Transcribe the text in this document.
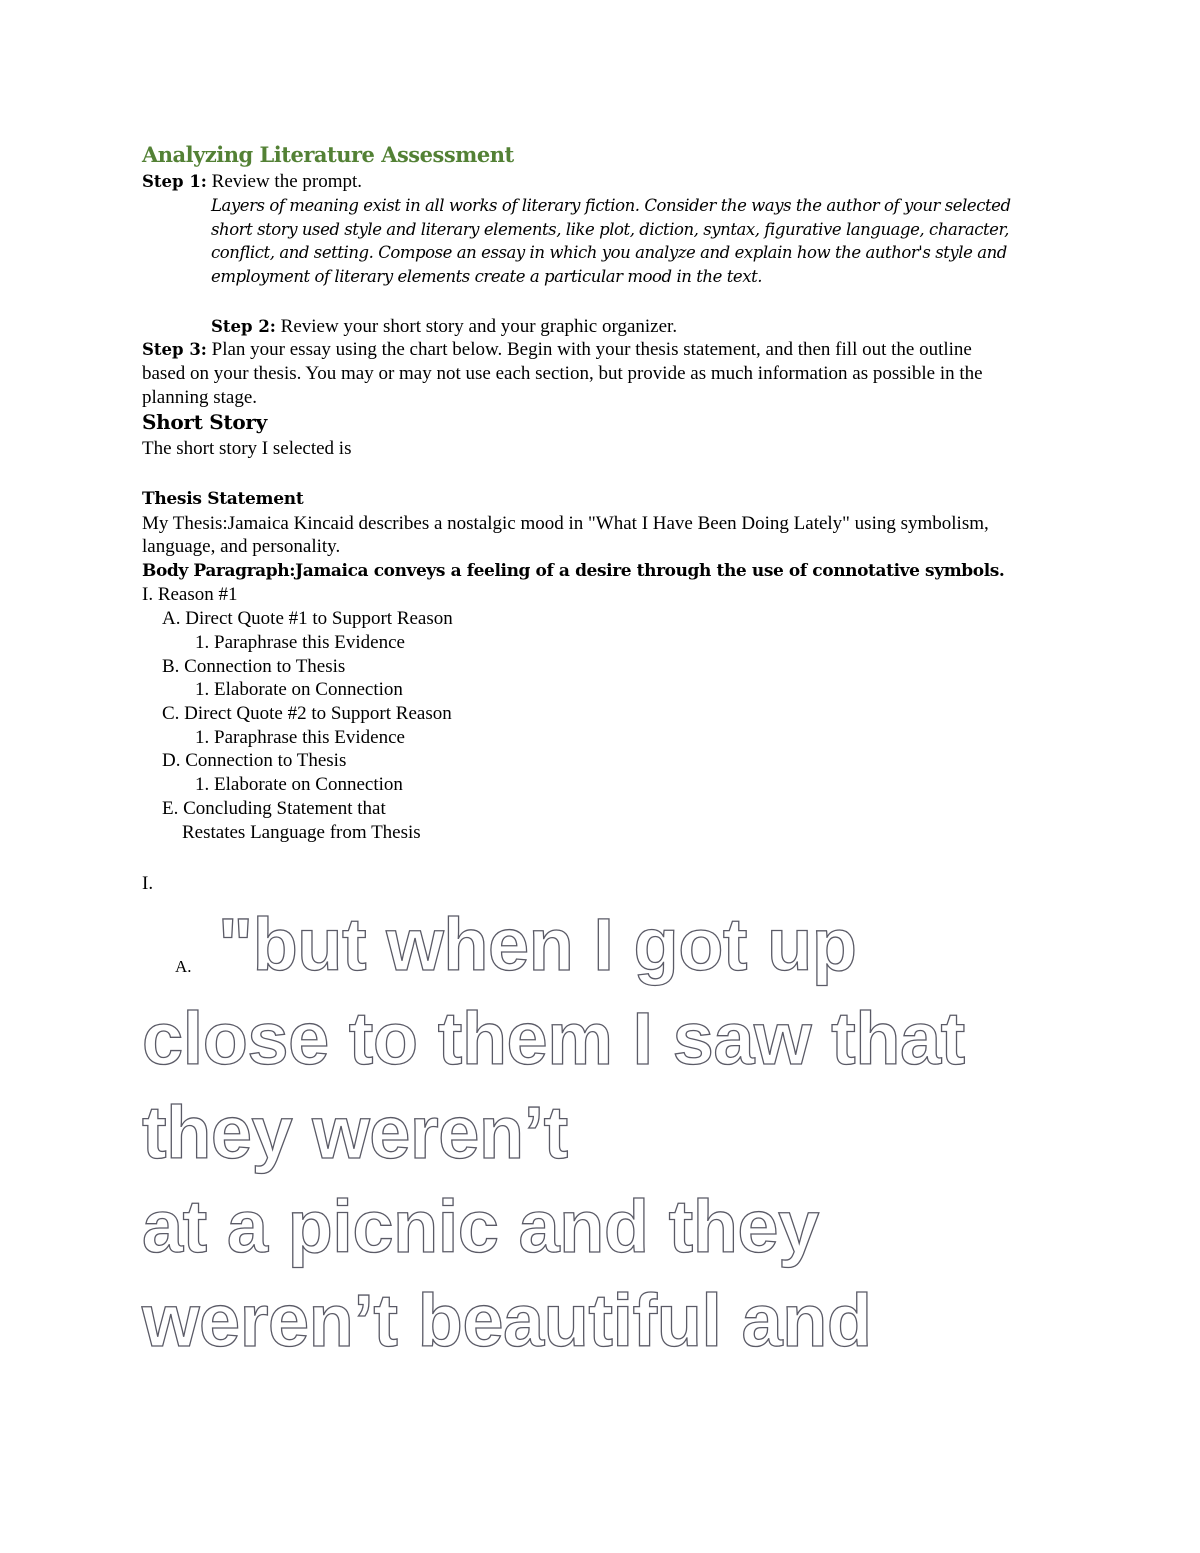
Analyzing Literature Assessment
Step 1: Review the prompt.
Layers of meaning exist in all works of literary fiction. Consider the ways the author of your selected
short story used style and literary elements, like plot, diction, syntax, figurative language, character,
conflict, and setting. Compose an essay in which you analyze and explain how the author's style and
employment of literary elements create a particular mood in the text.
Step 2: Review your short story and your graphic organizer.
Step 3: Plan your essay using the chart below. Begin with your thesis statement, and then fill out the outline
based on your thesis. You may or may not use each section, but provide as much information as possible in the
planning stage.
Short Story
The short story I selected is
Thesis Statement
My Thesis:Jamaica Kincaid describes a nostalgic mood in "What I Have Been Doing Lately" using symbolism,
language, and personality.
Body Paragraph:Jamaica conveys a feeling of a desire through the use of connotative symbols.
I. Reason #1
A. Direct Quote #1 to Support Reason
1. Paraphrase this Evidence
B. Connection to Thesis
1. Elaborate on Connection
C. Direct Quote #2 to Support Reason
1. Paraphrase this Evidence
D. Connection to Thesis
1. Elaborate on Connection
E. Concluding Statement that
Restates Language from Thesis
I.
A. "but when I got up
close to them I saw that
they weren’t
at a picnic and they
weren’t beautiful and
